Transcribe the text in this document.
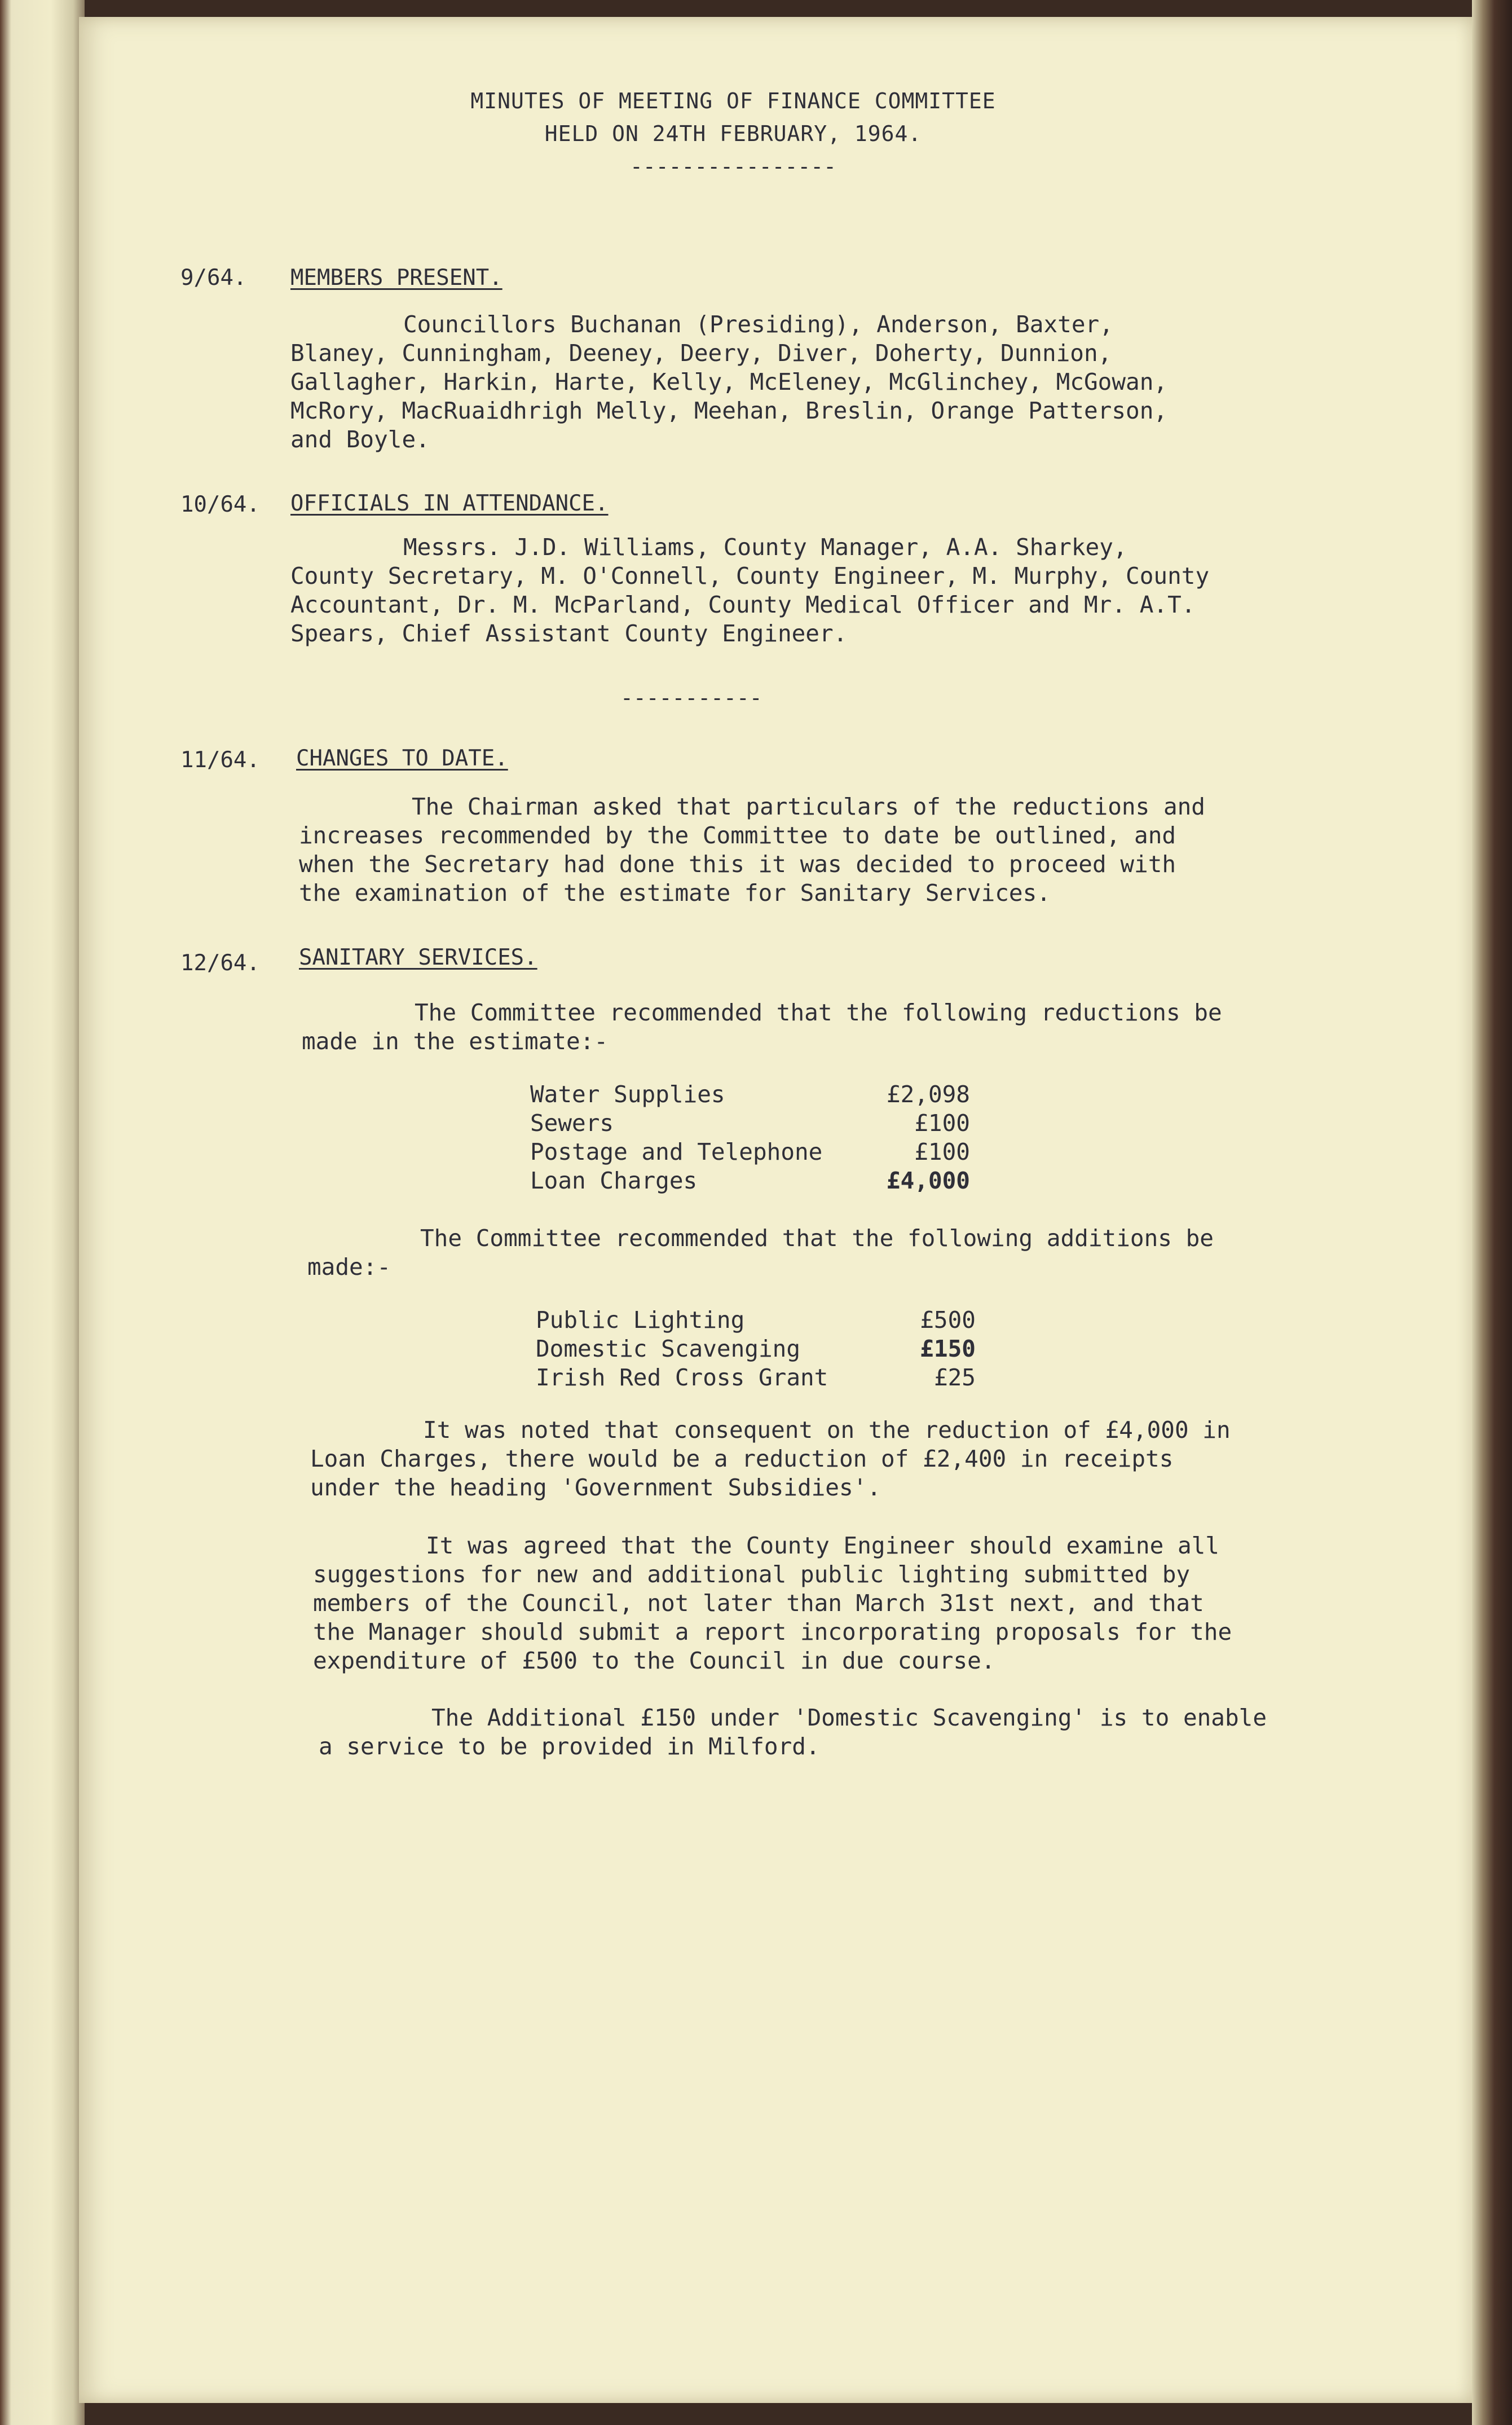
MINUTES OF MEETING OF FINANCE COMMITTEE
HELD ON 24TH FEBRUARY, 1964.
----------------
9/64. MEMBERS PRESENT.
Councillors Buchanan (Presiding), Anderson, Baxter, Blaney, Cunningham, Deeney, Deery, Diver, Doherty, Dunnion, Gallagher, Harkin, Harte, Kelly, McEleney, McGlinchey, McGowan, McRory, MacRuaidhrigh Melly, Meehan, Breslin, Orange Patterson, and Boyle.
10/64. OFFICIALS IN ATTENDANCE.
Messrs. J.D. Williams, County Manager, A.A. Sharkey, County Secretary, M. O'Connell, County Engineer, M. Murphy, County Accountant, Dr. M. McParland, County Medical Officer and Mr. A.T. Spears, Chief Assistant County Engineer.
-----------
11/64. CHANGES TO DATE.
The Chairman asked that particulars of the reductions and increases recommended by the Committee to date be outlined, and when the Secretary had done this it was decided to proceed with the examination of the estimate for Sanitary Services.
12/64. SANITARY SERVICES.
The Committee recommended that the following reductions be made in the estimate:-
Water Supplies	£2,098
Sewers	£100
Postage and Telephone	£100
Loan Charges	£4,000
The Committee recommended that the following additions be made:-
Public Lighting	£500
Domestic Scavenging	£150
Irish Red Cross Grant	£25
It was noted that consequent on the reduction of £4,000 in Loan Charges, there would be a reduction of £2,400 in receipts under the heading 'Government Subsidies'.
It was agreed that the County Engineer should examine all suggestions for new and additional public lighting submitted by members of the Council, not later than March 31st next, and that the Manager should submit a report incorporating proposals for the expenditure of £500 to the Council in due course.
The Additional £150 under 'Domestic Scavenging' is to enable a service to be provided in Milford.
